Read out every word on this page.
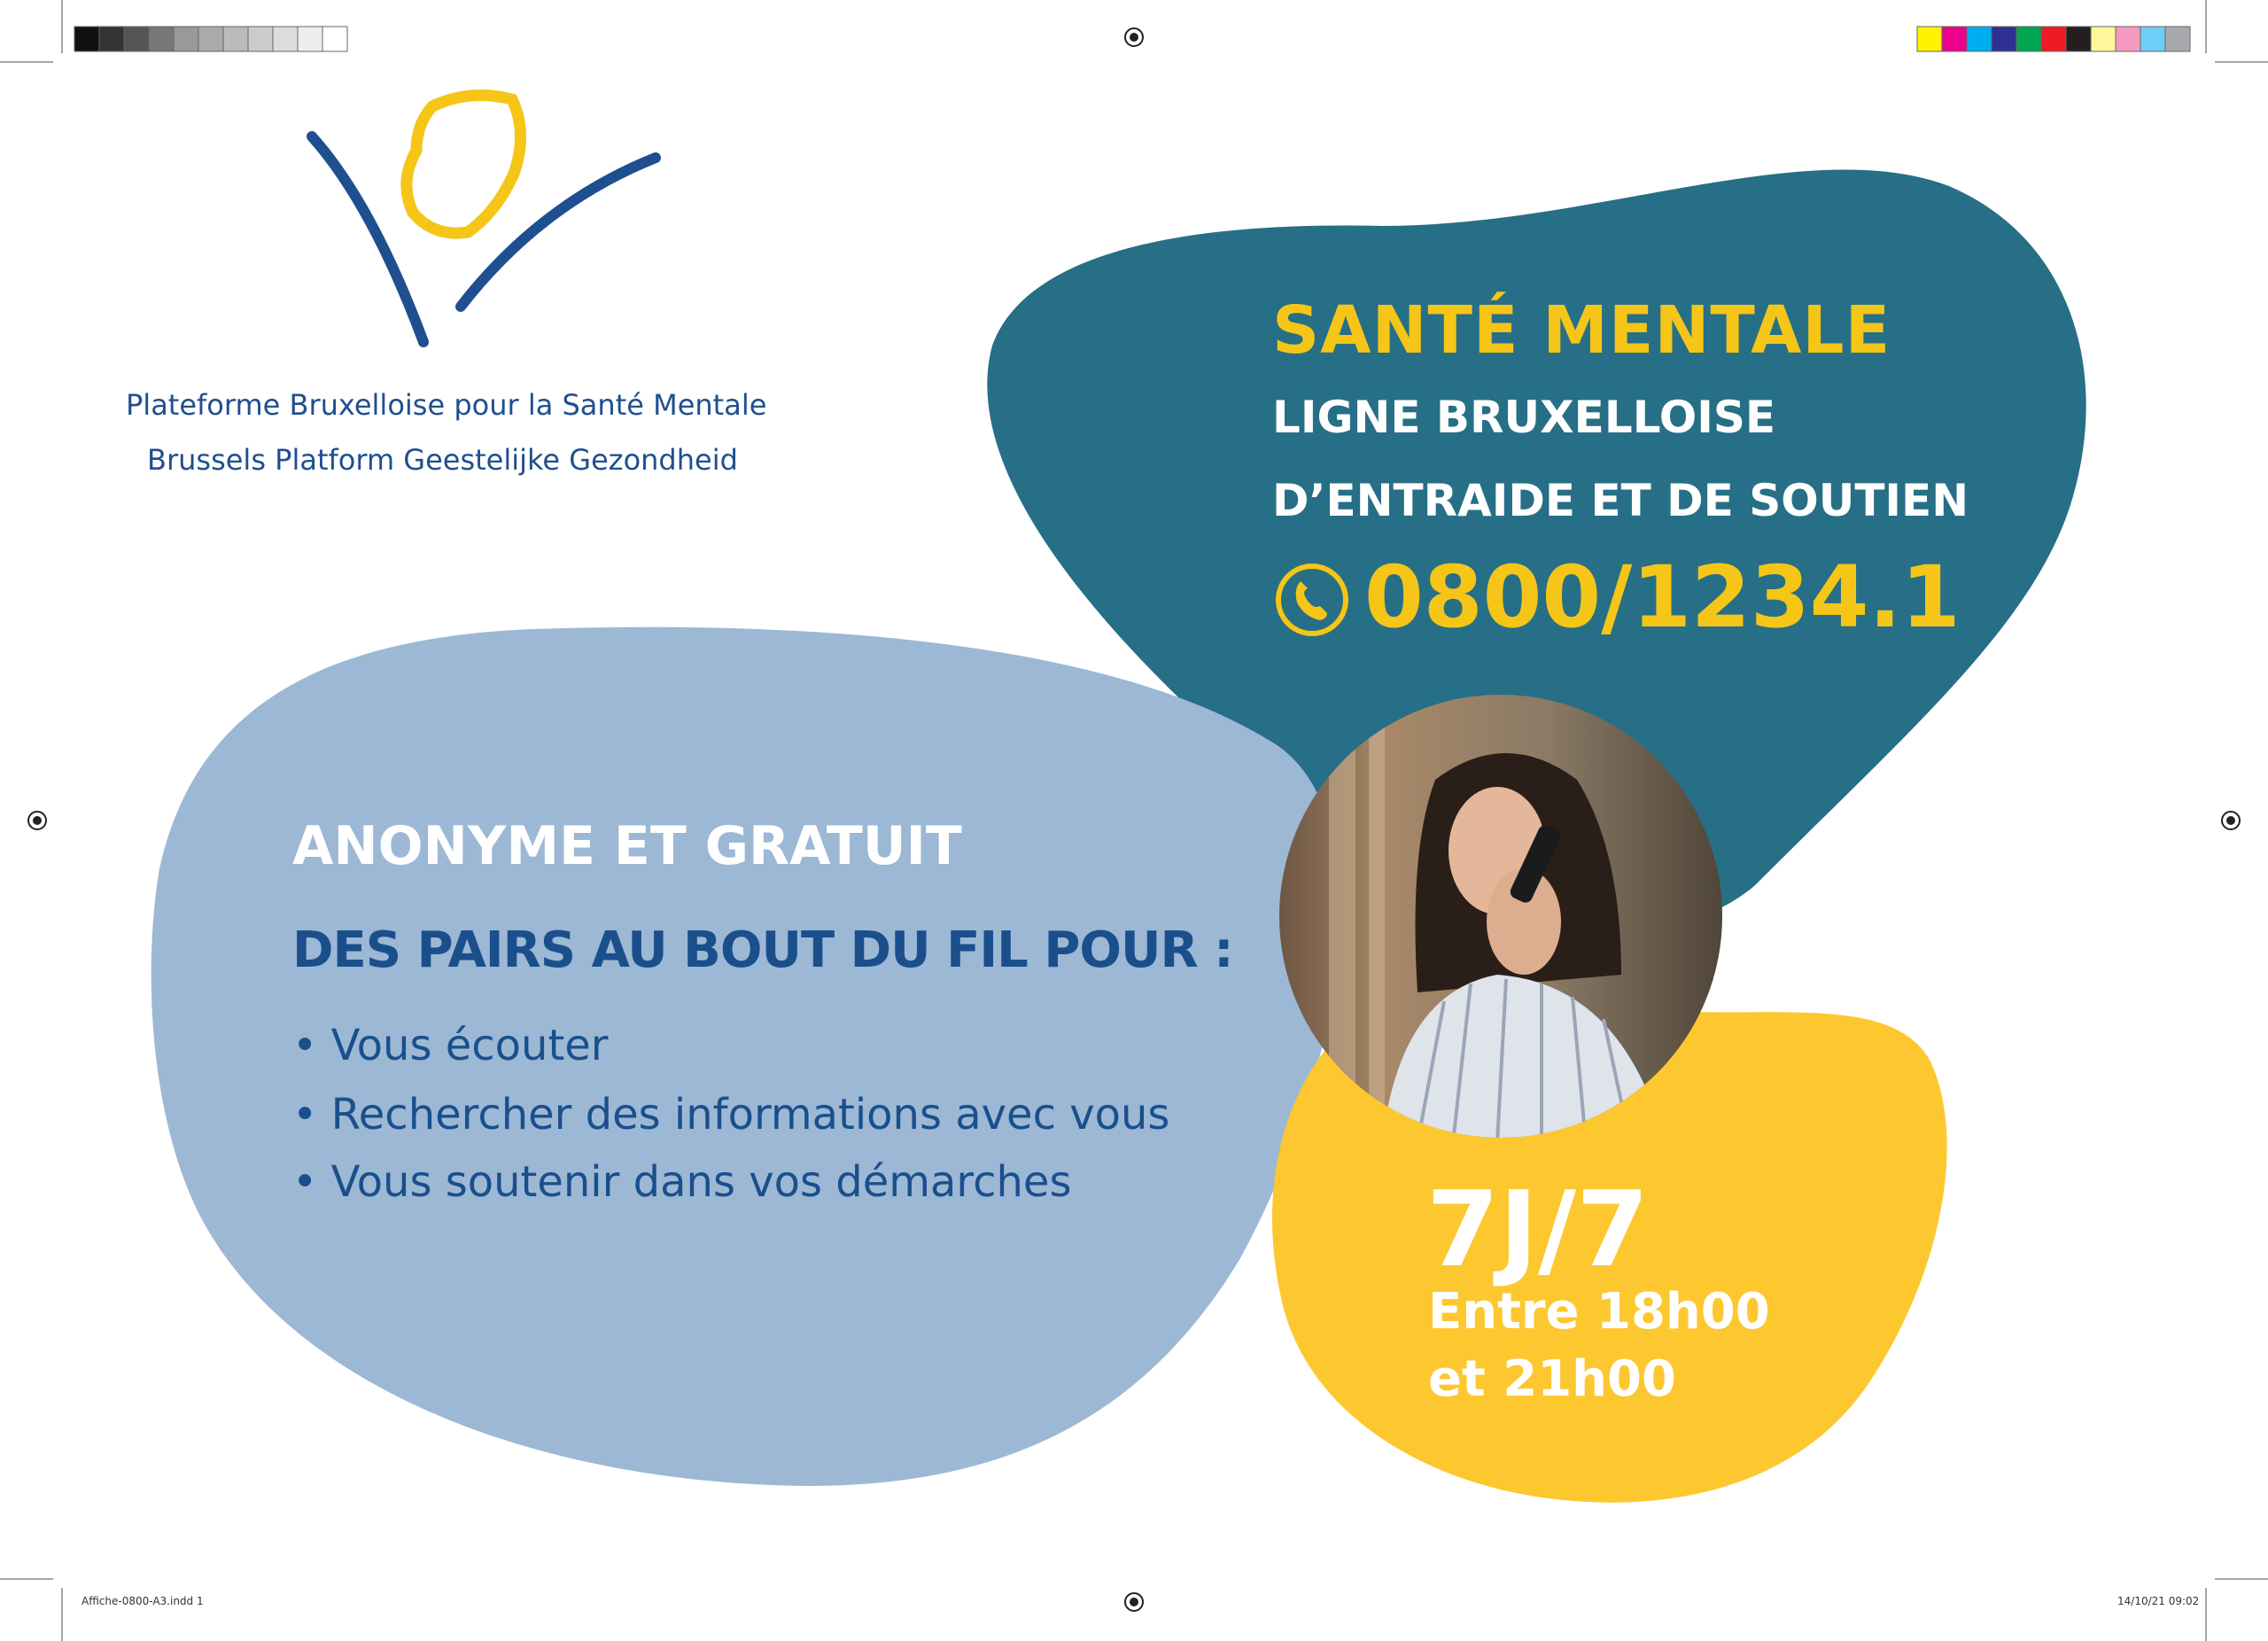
Plateforme Bruxelloise pour la Santé Mentale
Brussels Platform Geestelijke Gezondheid
SANTÉ MENTALE
LIGNE BRUXELLOISE
D’ENTRAIDE ET DE SOUTIEN
0800/1234.1
ANONYME ET GRATUIT
DES PAIRS AU BOUT DU FIL POUR :
• Vous écouter
• Rechercher des informations avec vous
• Vous soutenir dans vos démarches	7J/7
Entre 18h00
et 21h00
Affiche-0800-A3.indd 1	14/10/21 09:02
